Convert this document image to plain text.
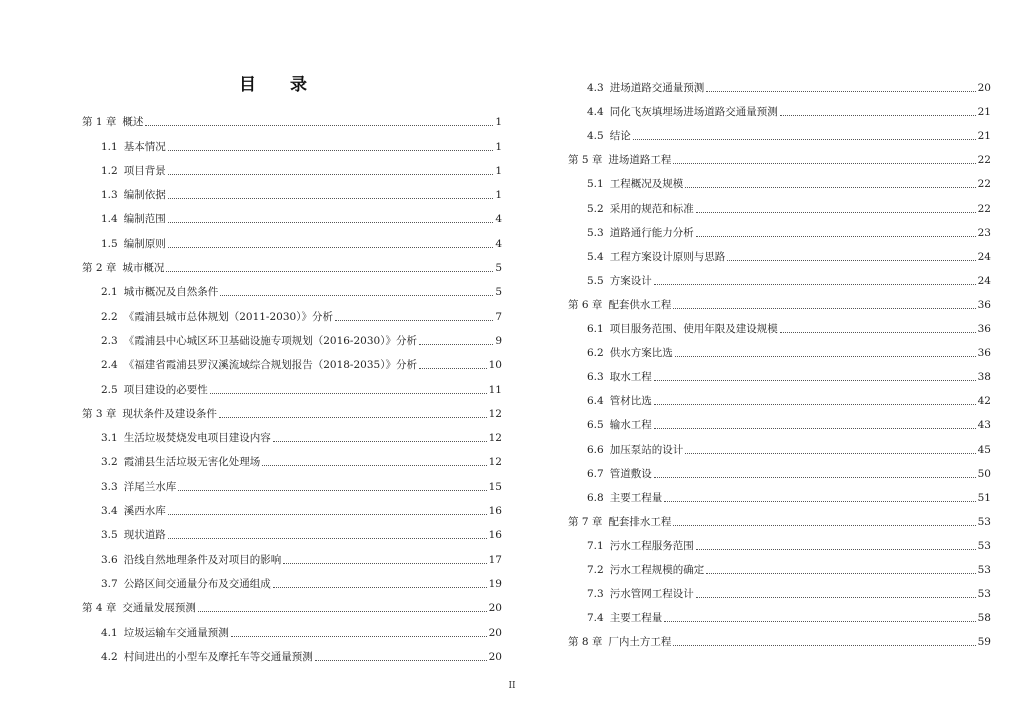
目 录
第 1 章 概述	1
1.1 基本情况	1
1.2 项目背景	1
1.3 编制依据	1
1.4 编制范围	4
1.5 编制原则	4
第 2 章 城市概况	5
2.1 城市概况及自然条件	5
2.2 《霞浦县城市总体规划（2011-2030）》分析	7
2.3 《霞浦县中心城区环卫基础设施专项规划（2016-2030）》分析	9
2.4 《福建省霞浦县罗汉溪流域综合规划报告（2018-2035）》分析	10
2.5 项目建设的必要性	11
第 3 章 现状条件及建设条件	12
3.1 生活垃圾焚烧发电项目建设内容	12
3.2 霞浦县生活垃圾无害化处理场	12
3.3 洋尾兰水库	15
3.4 溪西水库	16
3.5 现状道路	16
3.6 沿线自然地理条件及对项目的影响	17
3.7 公路区间交通量分布及交通组成	19
第 4 章 交通量发展预测	20
4.1 垃圾运输车交通量预测	20
4.2 村间进出的小型车及摩托车等交通量预测	20
4.3 进场道路交通量预测	20
4.4 同化飞灰填埋场进场道路交通量预测	21
4.5 结论	21
第 5 章 进场道路工程	22
5.1 工程概况及规模	22
5.2 采用的规范和标准	22
5.3 道路通行能力分析	23
5.4 工程方案设计原则与思路	24
5.5 方案设计	24
第 6 章 配套供水工程	36
6.1 项目服务范围、使用年限及建设规模	36
6.2 供水方案比选	36
6.3 取水工程	38
6.4 管材比选	42
6.5 输水工程	43
6.6 加压泵站的设计	45
6.7 管道敷设	50
6.8 主要工程量	51
第 7 章 配套排水工程	53
7.1 污水工程服务范围	53
7.2 污水工程规模的确定	53
7.3 污水管网工程设计	53
7.4 主要工程量	58
第 8 章 厂内土方工程	59
II
